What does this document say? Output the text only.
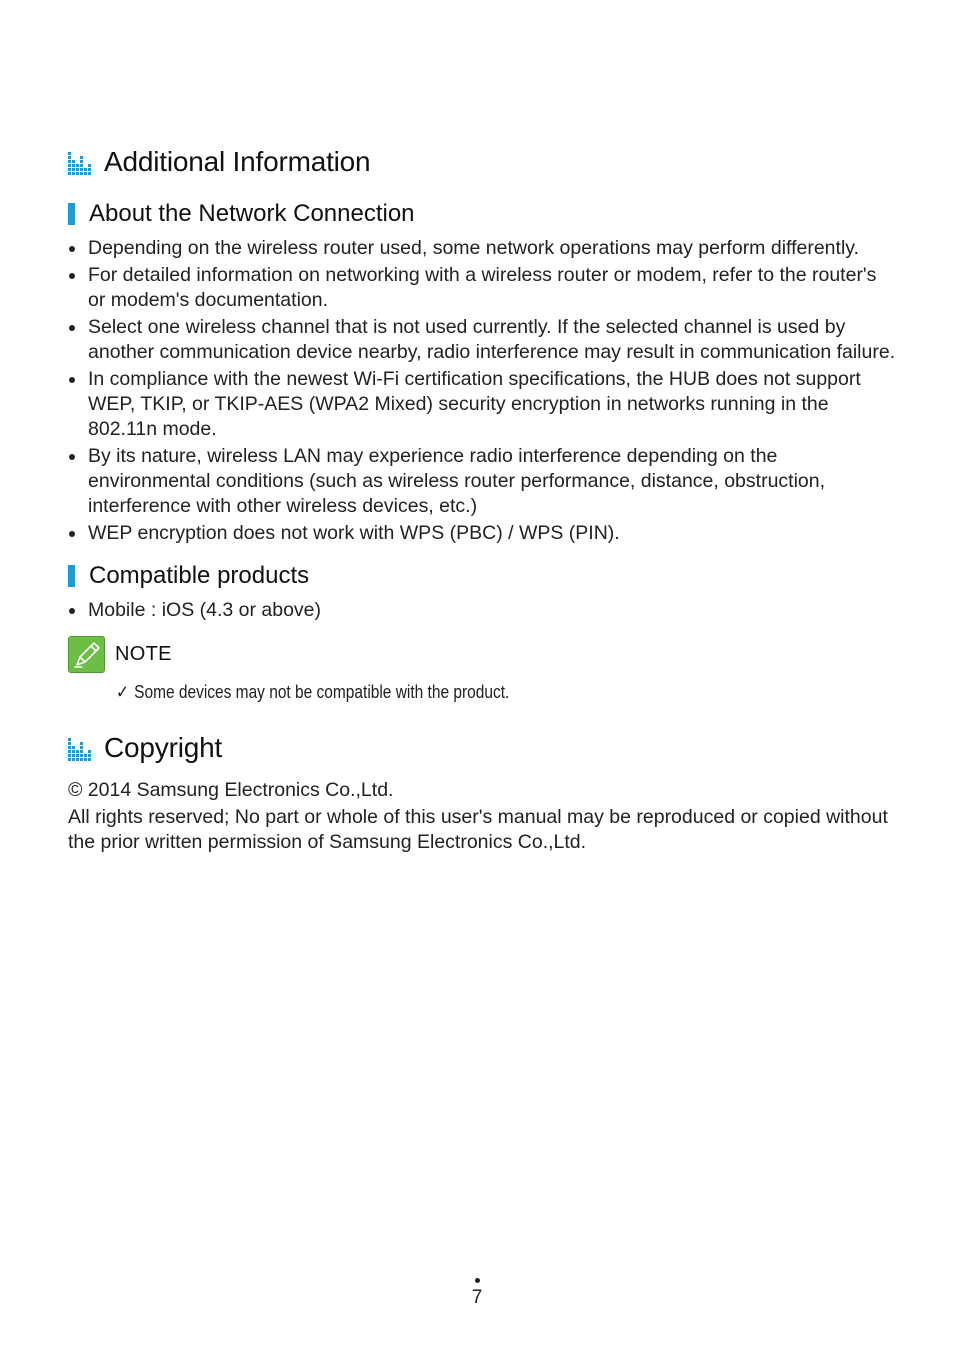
Additional Information
About the Network Connection
Depending on the wireless router used, some network operations may perform differently.
For detailed information on networking with a wireless router or modem, refer to the router's or modem's documentation.
Select one wireless channel that is not used currently. If the selected channel is used by another communication device nearby, radio interference may result in communication failure.
In compliance with the newest Wi-Fi certification specifications, the HUB does not support WEP, TKIP, or TKIP-AES (WPA2 Mixed) security encryption in networks running in the 802.11n mode.
By its nature, wireless LAN may experience radio interference depending on the environmental conditions (such as wireless router performance, distance, obstruction, interference with other wireless devices, etc.)
WEP encryption does not work with WPS (PBC) / WPS (PIN).
Compatible products
Mobile : iOS (4.3 or above)
NOTE
✓ Some devices may not be compatible with the product.
Copyright
© 2014 Samsung Electronics Co.,Ltd.
All rights reserved; No part or whole of this user's manual may be reproduced or copied without the prior written permission of Samsung Electronics Co.,Ltd.
7
